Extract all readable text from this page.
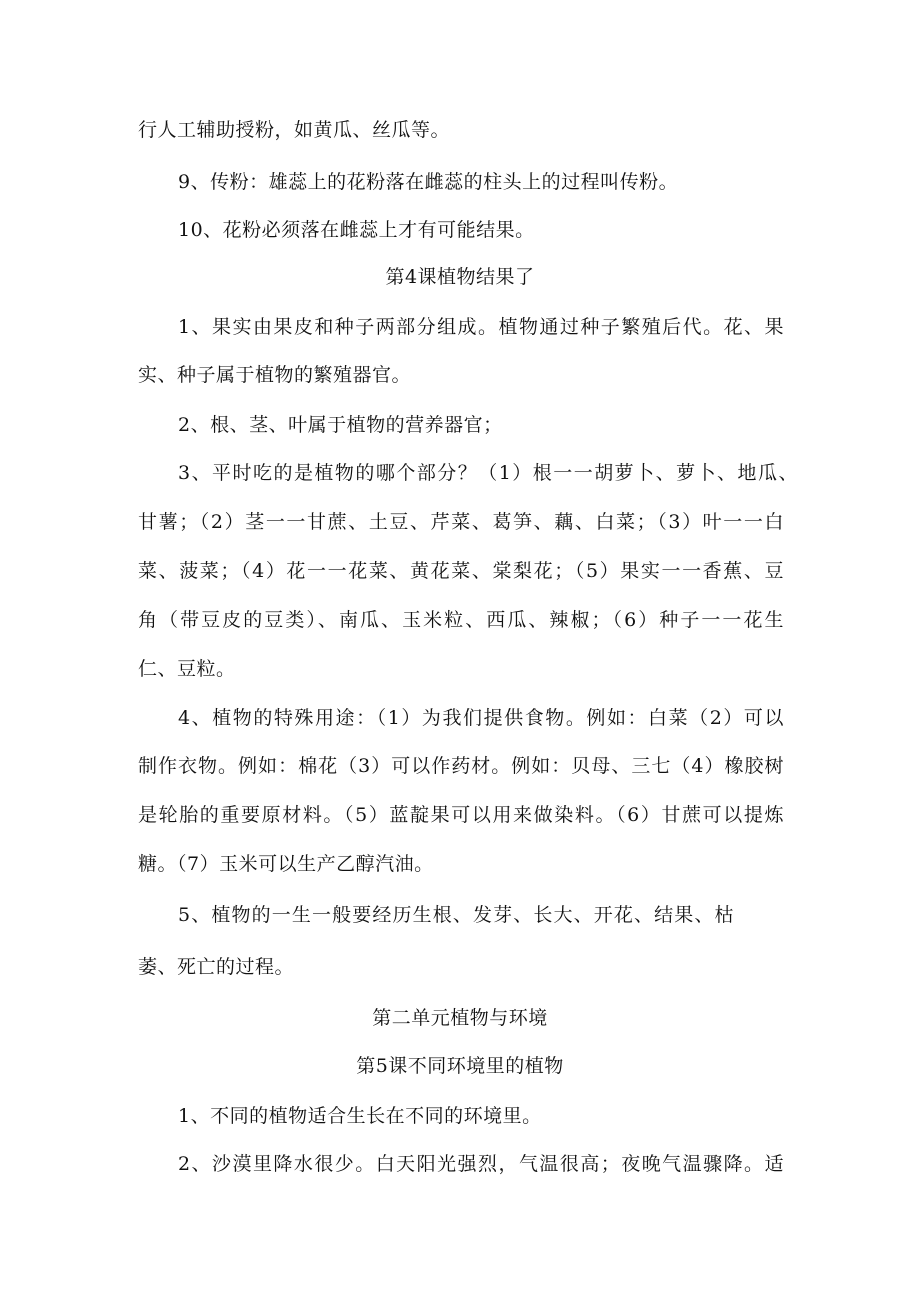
行人工辅助授粉，如黄瓜、丝瓜等。
9、传粉：雄蕊上的花粉落在雌蕊的柱头上的过程叫传粉。
10、花粉必须落在雌蕊上才有可能结果。
第4课植物结果了
1、果实由果皮和种子两部分组成。植物通过种子繁殖后代。花、果
实、种子属于植物的繁殖器官。
2、根、茎、叶属于植物的营养器官；
3、平时吃的是植物的哪个部分？（1）根一一胡萝卜、萝卜、地瓜、
甘薯；（2）茎一一甘蔗、土豆、芹菜、葛笋、藕、白菜；（3）叶一一白
菜、菠菜；（4）花一一花菜、黄花菜、棠梨花；（5）果实一一香蕉、豆
角（带豆皮的豆类）、南瓜、玉米粒、西瓜、辣椒；（6）种子一一花生
仁、豆粒。
4、植物的特殊用途：（1）为我们提供食物。例如：白菜（2）可以
制作衣物。例如：棉花（3）可以作药材。例如：贝母、三七（4）橡胶树
是轮胎的重要原材料。（5）蓝靛果可以用来做染料。（6）甘蔗可以提炼
糖。（7）玉米可以生产乙醇汽油。
5、植物的一生一般要经历生根、发芽、长大、开花、结果、枯
萎、死亡的过程。
第二单元植物与环境
第5课不同环境里的植物
1、不同的植物适合生长在不同的环境里。
2、沙漠里降水很少。白天阳光强烈，气温很高；夜晚气温骤降。适
